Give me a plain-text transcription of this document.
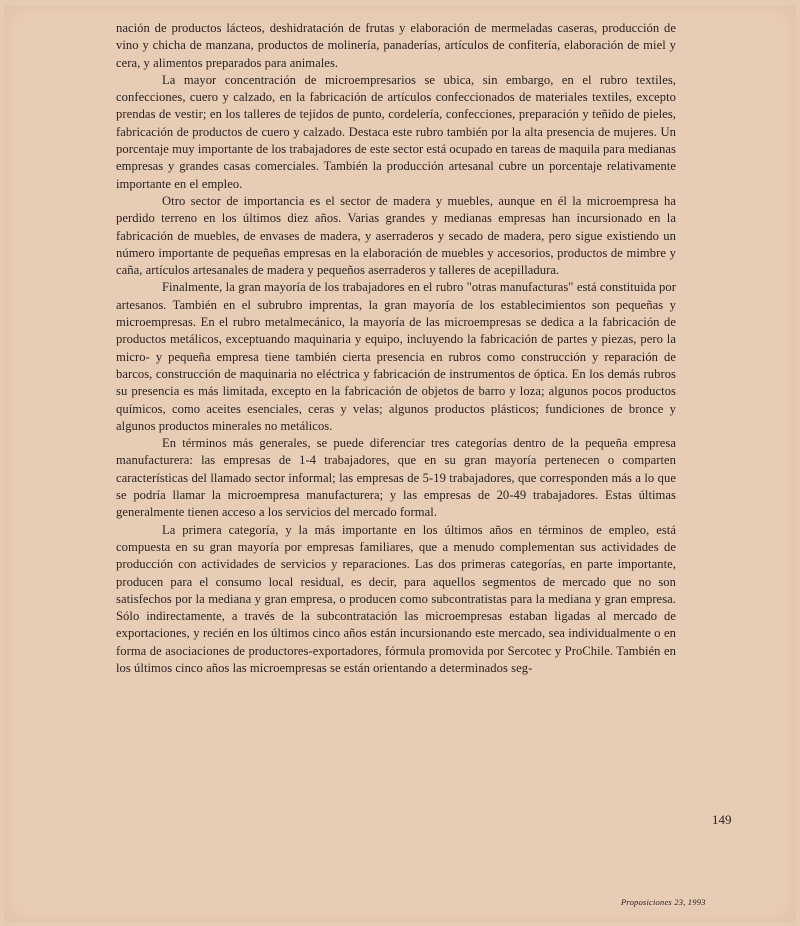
nación de productos lácteos, deshidratación de frutas y elaboración de mermeladas caseras, producción de vino y chicha de manzana, productos de molinería, panaderías, artículos de confitería, elaboración de miel y cera, y alimentos preparados para animales.

La mayor concentración de microempresarios se ubica, sin embargo, en el rubro textiles, confecciones, cuero y calzado, en la fabricación de artículos confeccionados de materiales textiles, excepto prendas de vestir; en los talleres de tejidos de punto, cordelería, confecciones, preparación y teñido de pieles, fabricación de productos de cuero y calzado. Destaca este rubro también por la alta presencia de mujeres. Un porcentaje muy importante de los trabajadores de este sector está ocupado en tareas de maquila para medianas empresas y grandes casas comerciales. También la producción artesanal cubre un porcentaje relativamente importante en el empleo.

Otro sector de importancia es el sector de madera y muebles, aunque en él la microempresa ha perdido terreno en los últimos diez años. Varias grandes y medianas empresas han incursionado en la fabricación de muebles, de envases de madera, y aserraderos y secado de madera, pero sigue existiendo un número importante de pequeñas empresas en la elaboración de muebles y accesorios, productos de mimbre y caña, artículos artesanales de madera y pequeños aserraderos y talleres de acepilladura.

Finalmente, la gran mayoría de los trabajadores en el rubro "otras manufacturas" está constituida por artesanos. También en el subrubro imprentas, la gran mayoría de los establecimientos son pequeñas y microempresas. En el rubro metalmecánico, la mayoría de las microempresas se dedica a la fabricación de productos metálicos, exceptuando maquinaria y equipo, incluyendo la fabricación de partes y piezas, pero la micro- y pequeña empresa tiene también cierta presencia en rubros como construcción y reparación de barcos, construcción de maquinaria no eléctrica y fabricación de instrumentos de óptica. En los demás rubros su presencia es más limitada, excepto en la fabricación de objetos de barro y loza; algunos pocos productos químicos, como aceites esenciales, ceras y velas; algunos productos plásticos; fundiciones de bronce y algunos productos minerales no metálicos.

En términos más generales, se puede diferenciar tres categorías dentro de la pequeña empresa manufacturera: las empresas de 1-4 trabajadores, que en su gran mayoría pertenecen o comparten características del llamado sector informal; las empresas de 5-19 trabajadores, que corresponden más a lo que se podría llamar la microempresa manufacturera; y las empresas de 20-49 trabajadores. Estas últimas generalmente tienen acceso a los servicios del mercado formal.

La primera categoría, y la más importante en los últimos años en términos de empleo, está compuesta en su gran mayoría por empresas familiares, que a menudo complementan sus actividades de producción con actividades de servicios y reparaciones. Las dos primeras categorías, en parte importante, producen para el consumo local residual, es decir, para aquellos segmentos de mercado que no son satisfechos por la mediana y gran empresa, o producen como subcontratistas para la mediana y gran empresa. Sólo indirectamente, a través de la subcontratación las microempresas estaban ligadas al mercado de exportaciones, y recién en los últimos cinco años están incursionando este mercado, sea individualmente o en forma de asociaciones de productores-exportadores, fórmula promovida por Sercotec y ProChile. También en los últimos cinco años las microempresas se están orientando a determinados seg-

149
Proposiciones 23, 1993
